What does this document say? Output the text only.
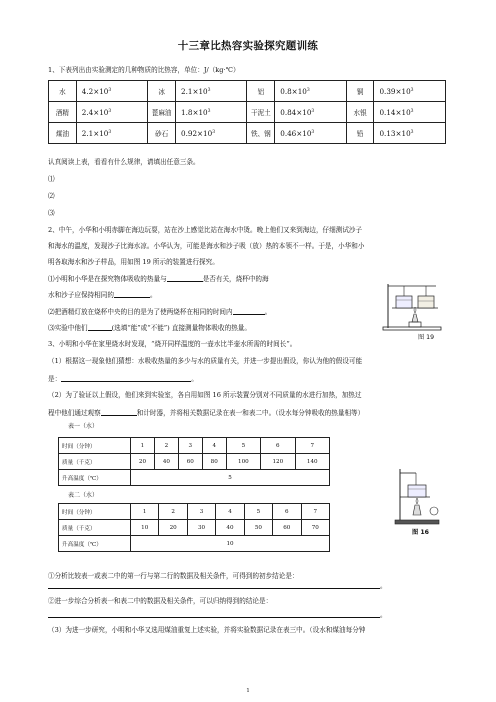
十三章比热容实验探究题训练
1、下表列出由实验测定的几种物质的比热容，单位：J/（kg·℃）
水	$4.2\times 10^3$	冰	$2.1\times 10^3$	铝	$0.8\times 10^3$	铜	$0.39\times 10^3$
酒精	$2.4\times 10^3$	蓖麻油	$1.8\times 10^3$	干泥土	$0.84\times 10^3$	水银	$0.14\times 10^3$
煤油	$2.1\times 10^3$	砂石	$0.92\times 10^3$	铁、钢	$0.46\times 10^3$	铅	$0.13\times 10^3$
认真阅读上表，看看有什么规律，请填出任意三条。
⑴
⑵
⑶
2、中午，小华和小明赤脚在海边玩耍，站在沙上感觉比站在海水中烫。晚上他们又来到海边，仔细测试沙子
和海水的温度，发现沙子比海水凉。小华认为，可能是海水和沙子吸（放）热的本领不一样。于是，小华和小
明各取海水和沙子样品，用如图 19 所示的装置进行探究。
⑴小明和小华是在探究物体吸收的热量与	是否有关，烧杯中的海
水和沙子应保持相同的	。
⑵把酒精灯放在烧杯中央的目的是为了使两烧杯在相同的时间内	。
⑶实验中他们	(选填“能”或“不能”) 直接测量物体吸收的热量。
图 19
3、小明和小华在家里烧水时发现，“烧开同样温度的一壶水比半壶水所需的时间长”。
（1）根据这一现象他们猜想：水吸收热量的多少与水的质量有关，并进一步提出假设，你认为他的假设可能
是：	。
（2）为了验证以上假设，他们来到实验室，各自用如图 16 所示装置分别对不同质量的水进行加热，加热过
程中他们通过观察	和计时器，并将相关数据记录在表一和表二中。（设水每分钟吸收的热量相等）
表一（水）
时间（分钟）	1	2	3	4	5	6	7
质量（千克）	20	40	60	80	100	120	140
升高温度（℃）	5						
表二（水）
时间（分钟）	1	2	3	4	5	6	7
质量（千克）	10	20	30	40	50	60	70
升高温度（℃）	10						
图 16
①分析比较表一或表二中的第一行与第二行的数据及相关条件，可得到的初步结论是：
。
②进一步综合分析表一和表二中的数据及相关条件，可以归纳得到的结论是：
。
（3）为进一步研究，小明和小华又选用煤油重复上述实验，并将实验数据记录在表三中。（设水和煤油每分钟
1
